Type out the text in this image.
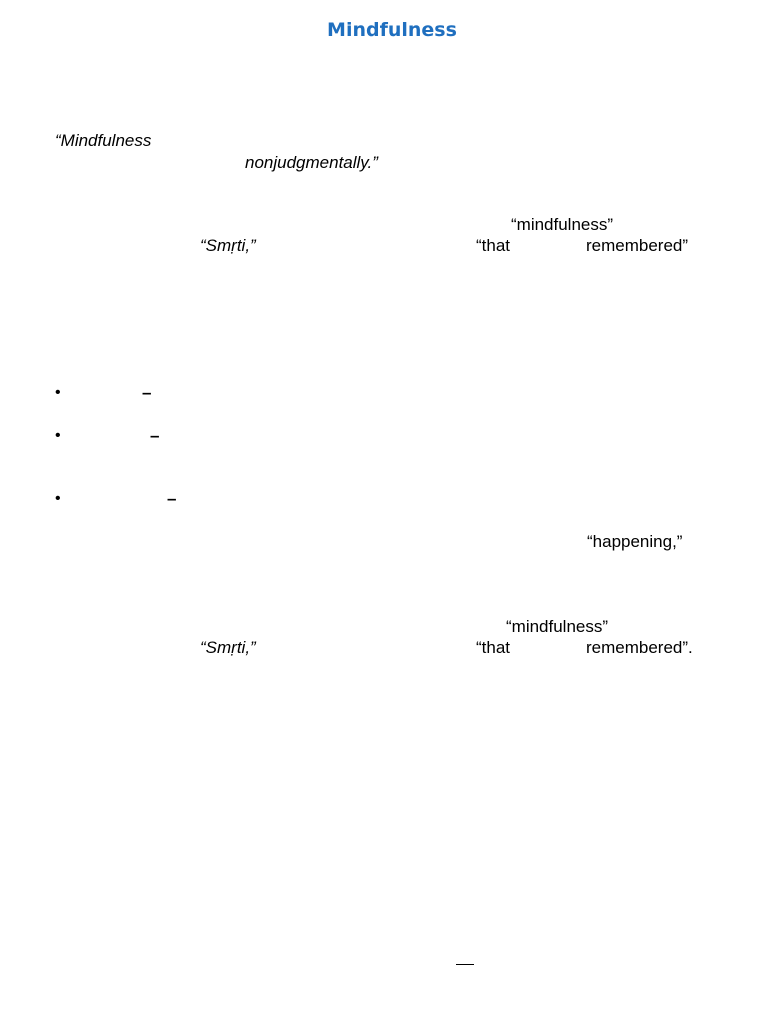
Mindfulness
“Mindfulness
nonjudgmentally.”
“mindfulness”
“Smṛti,”	“that	remembered”
•	–
•	–
•	–
“happening,”
“mindfulness”
“Smṛti,”	“that	remembered”.
